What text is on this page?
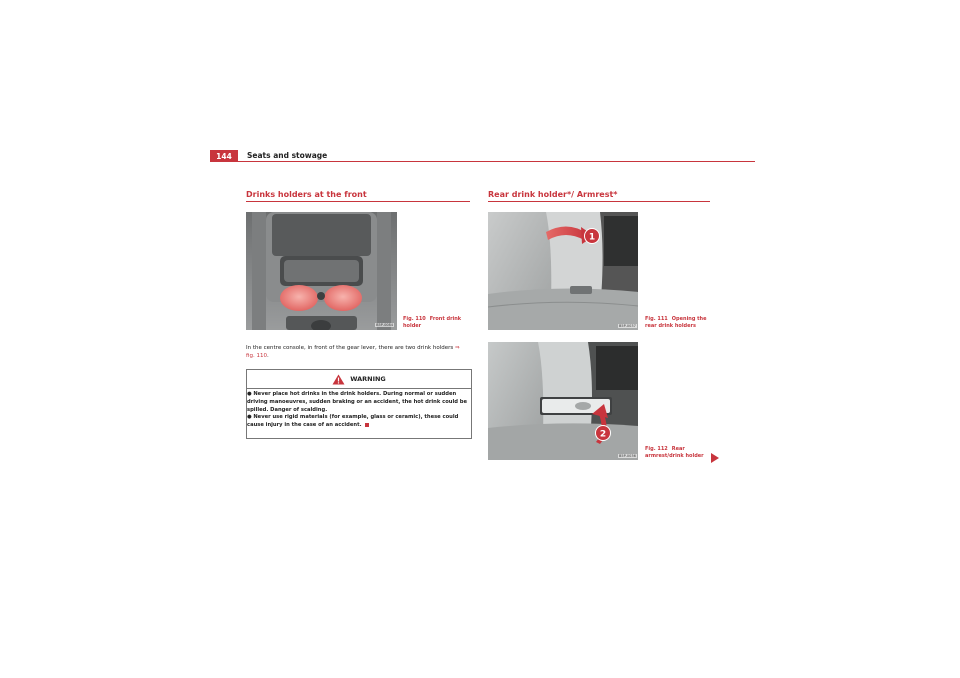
144	Seats and stowage
Drinks holders at the front
B5P-0084
Fig. 110 Front drink holder
In the centre console, in front of the gear lever, there are two drink holders ⇒ fig. 110.
WARNING
● Never place hot drinks in the drink holders. During normal or sudden driving manoeuvres, sudden braking or an accident, the hot drink could be spilled. Danger of scalding.
● Never use rigid materials (for example, glass or ceramic), these could cause injury in the case of an accident.
Rear drink holder*/ Armrest*
1
B5P-0037
Fig. 111 Opening the rear drink holders
2
B5P-0036
Fig. 112 Rear armrest/drink holder
